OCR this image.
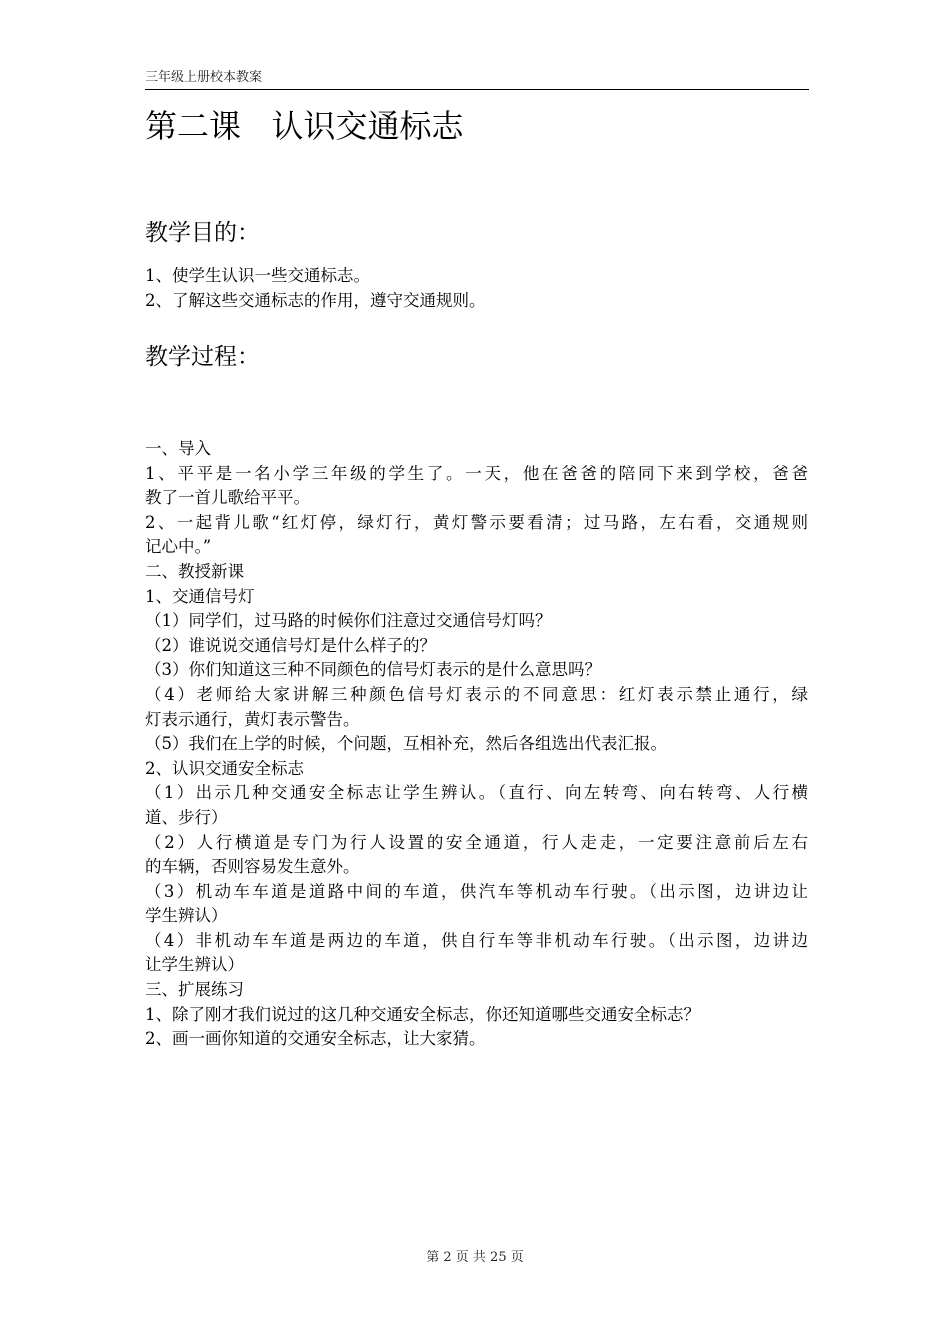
三年级上册校本教案
第二课   认识交通标志
教学目的：
1、使学生认识一些交通标志。
2、了解这些交通标志的作用，遵守交通规则。
教学过程：
一、导入
1、平平是一名小学三年级的学生了。一天，他在爸爸的陪同下来到学校，爸爸
教了一首儿歌给平平。
2、一起背儿歌“红灯停，绿灯行，黄灯警示要看清；过马路，左右看，交通规则
记心中。”
二、教授新课
1、交通信号灯
（1）同学们，过马路的时候你们注意过交通信号灯吗？
（2）谁说说交通信号灯是什么样子的？
（3）你们知道这三种不同颜色的信号灯表示的是什么意思吗？
（4）老师给大家讲解三种颜色信号灯表示的不同意思：红灯表示禁止通行，绿
灯表示通行，黄灯表示警告。
（5）我们在上学的时候，个问题，互相补充，然后各组选出代表汇报。
2、认识交通安全标志
（1）出示几种交通安全标志让学生辨认。（直行、向左转弯、向右转弯、人行横
道、步行）
（2）人行横道是专门为行人设置的安全通道，行人走走，一定要注意前后左右
的车辆，否则容易发生意外。
（3）机动车车道是道路中间的车道，供汽车等机动车行驶。（出示图，边讲边让
学生辨认）
（4）非机动车车道是两边的车道，供自行车等非机动车行驶。（出示图，边讲边
让学生辨认）
三、扩展练习
1、除了刚才我们说过的这几种交通安全标志，你还知道哪些交通安全标志？
2、画一画你知道的交通安全标志，让大家猜。
第 2 页 共 25 页
